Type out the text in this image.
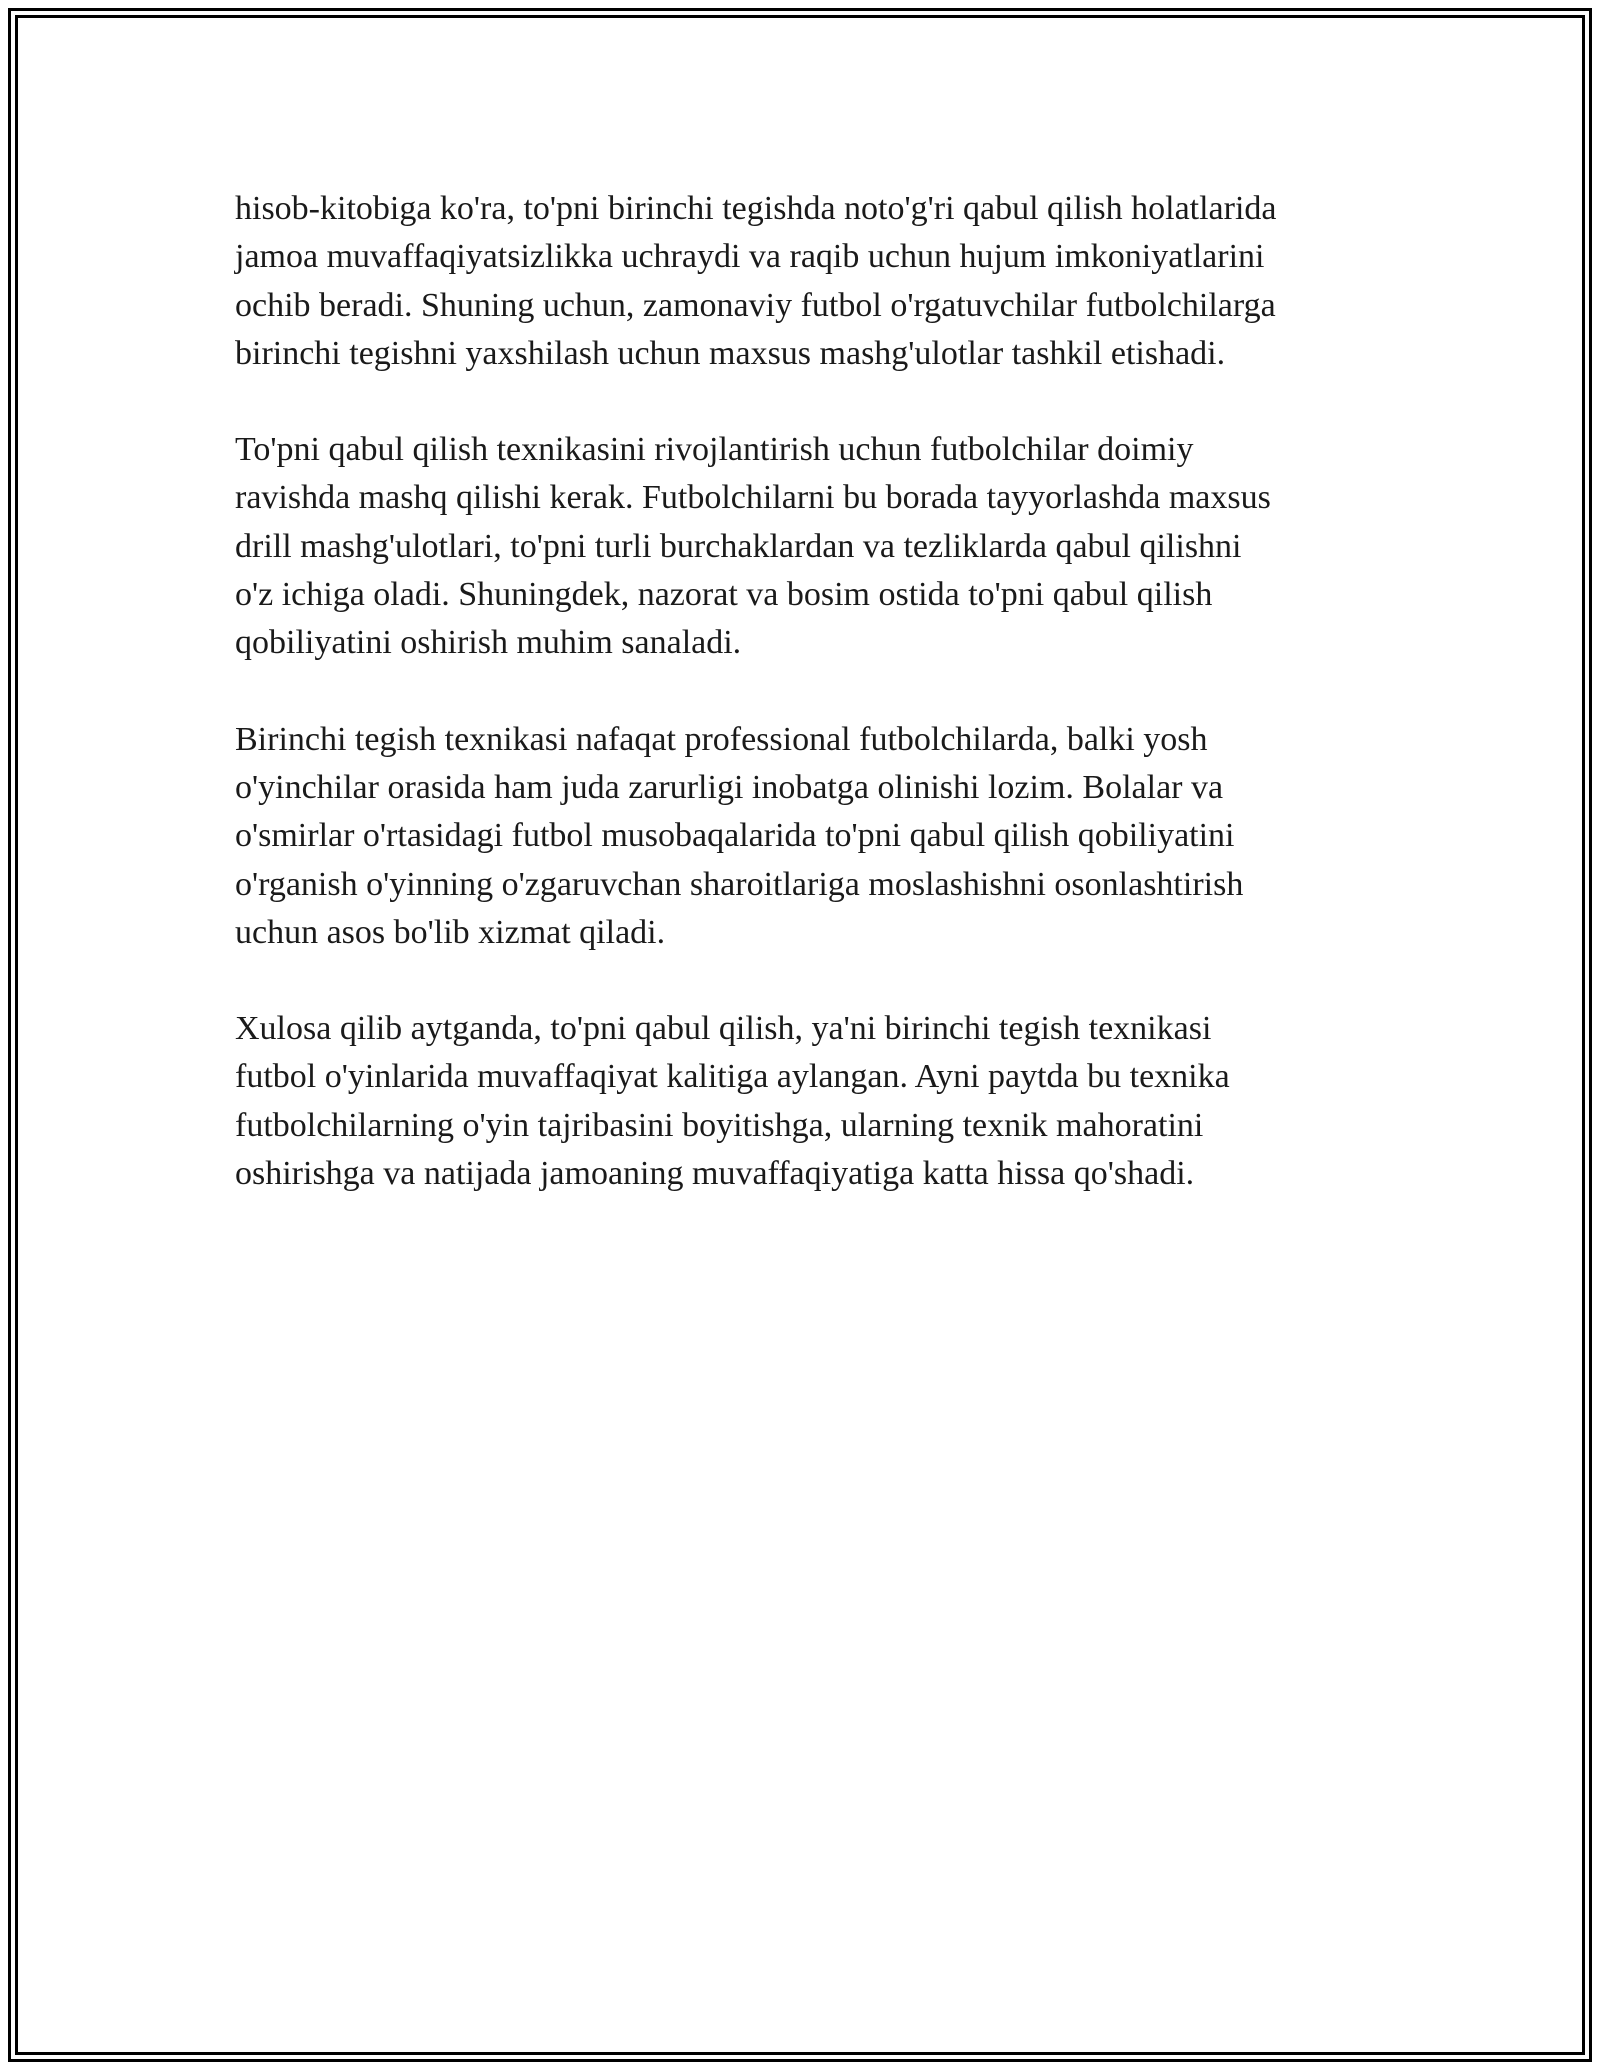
hisob-kitobiga ko'ra, to'pni birinchi tegishda noto'g'ri qabul qilish holatlarida
jamoa muvaffaqiyatsizlikka uchraydi va raqib uchun hujum imkoniyatlarini
ochib beradi. Shuning uchun, zamonaviy futbol o'rgatuvchilar futbolchilarga
birinchi tegishni yaxshilash uchun maxsus mashg'ulotlar tashkil etishadi.

To'pni qabul qilish texnikasini rivojlantirish uchun futbolchilar doimiy
ravishda mashq qilishi kerak. Futbolchilarni bu borada tayyorlashda maxsus
drill mashg'ulotlari, to'pni turli burchaklardan va tezliklarda qabul qilishni
o'z ichiga oladi. Shuningdek, nazorat va bosim ostida to'pni qabul qilish
qobiliyatini oshirish muhim sanaladi.

Birinchi tegish texnikasi nafaqat professional futbolchilarda, balki yosh
o'yinchilar orasida ham juda zarurligi inobatga olinishi lozim. Bolalar va
o'smirlar o'rtasidagi futbol musobaqalarida to'pni qabul qilish qobiliyatini
o'rganish o'yinning o'zgaruvchan sharoitlariga moslashishni osonlashtirish
uchun asos bo'lib xizmat qiladi.

Xulosa qilib aytganda, to'pni qabul qilish, ya'ni birinchi tegish texnikasi
futbol o'yinlarida muvaffaqiyat kalitiga aylangan. Ayni paytda bu texnika
futbolchilarning o'yin tajribasini boyitishga, ularning texnik mahoratini
oshirishga va natijada jamoaning muvaffaqiyatiga katta hissa qo'shadi.
